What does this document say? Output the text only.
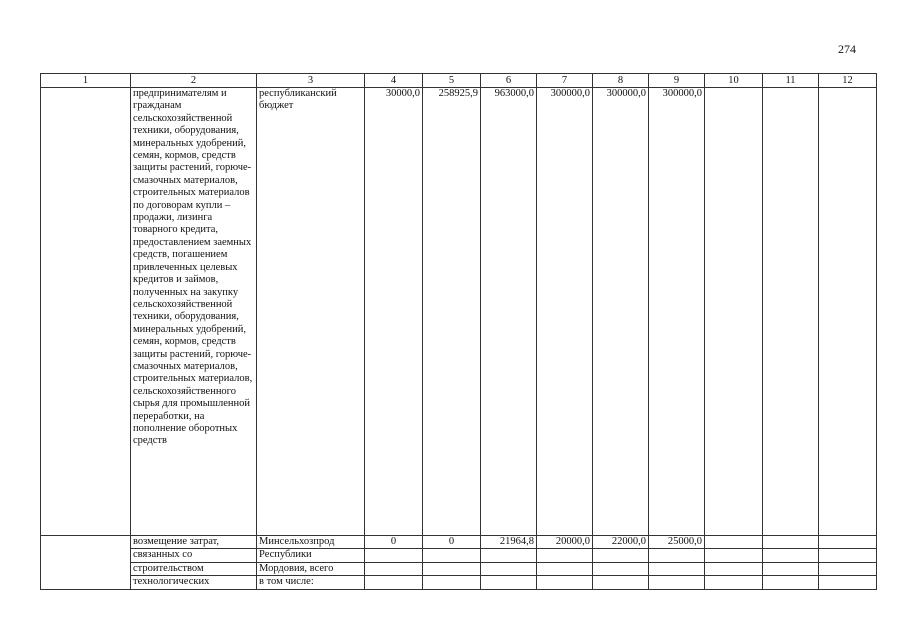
274
1	2	3	4	5	6	7	8	9	10	11	12
	предпринимателям и гражданам сельскохозяйственной техники, оборудования, минеральных удобрений, семян, кормов, средств защиты растений, горюче-смазочных материалов, строительных материалов по договорам купли – продажи, лизинга товарного кредита, предоставлением заемных средств, погашением привлеченных целевых кредитов и займов, полученных на закупку сельскохозяйственной техники, оборудования, минеральных удобрений, семян, кормов, средств защиты растений, горюче-смазочных материалов, строительных материалов, сельскохозяйственного сырья для промышленной переработки, на пополнение оборотных средств	республиканский бюджет	30000,0	258925,9	963000,0	300000,0	300000,0	300000,0			
	возмещение затрат,	Минсельхозпрод	0	0	21964,8	20000,0	22000,0	25000,0			
	связанных со	Республики									
	строительством	Мордовия, всего									
	технологических	в том числе:									
